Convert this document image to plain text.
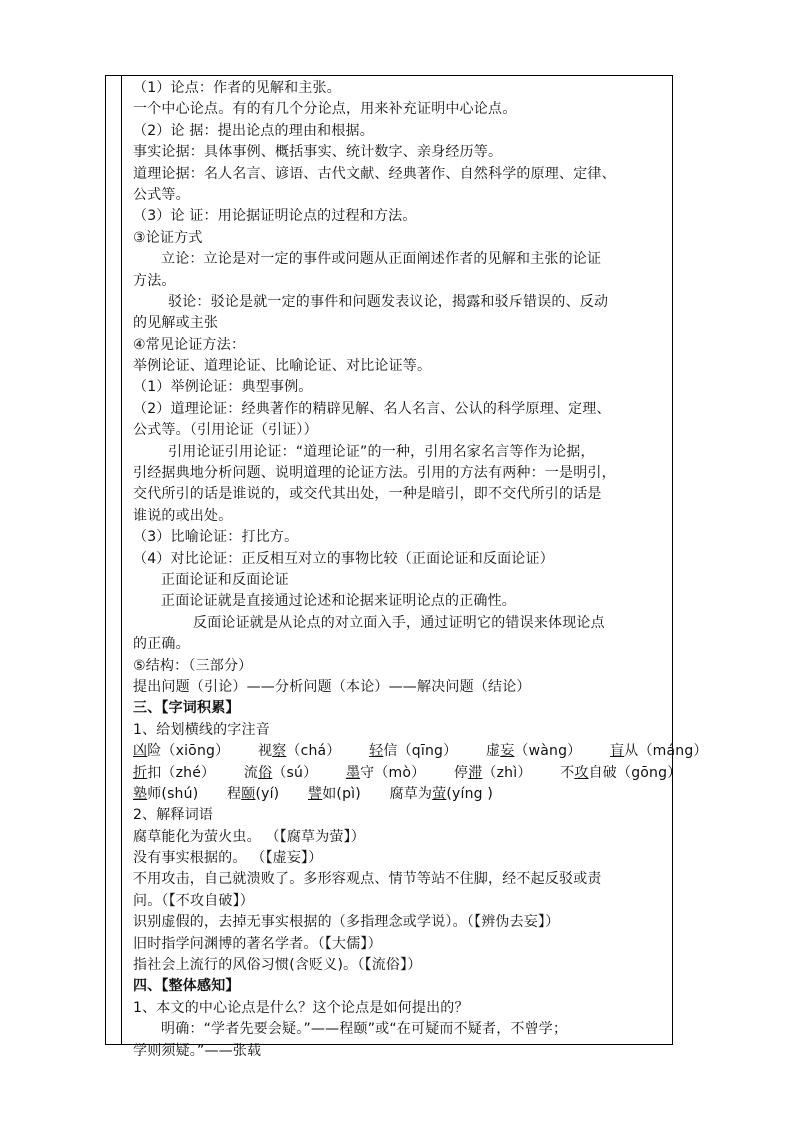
（1）论点：作者的见解和主张。
一个中心论点。有的有几个分论点，用来补充证明中心论点。
（2）论 据：提出论点的理由和根据。
事实论据：具体事例、概括事实、统计数字、亲身经历等。
道理论据：名人名言、谚语、古代文献、经典著作、自然科学的原理、定律、
公式等。
（3）论 证：用论据证明论点的过程和方法。
③论证方式
立论：立论是对一定的事件或问题从正面阐述作者的见解和主张的论证
方法。
驳论：驳论是就一定的事件和问题发表议论，揭露和驳斥错误的、反动
的见解或主张
④常见论证方法：
举例论证、道理论证、比喻论证、对比论证等。
（1）举例论证：典型事例。
（2）道理论证：经典著作的精辟见解、名人名言、公认的科学原理、定理、
公式等。（引用论证（引证））
引用论证引用论证：“道理论证”的一种，引用名家名言等作为论据，
引经据典地分析问题、说明道理的论证方法。引用的方法有两种：一是明引，
交代所引的话是谁说的，或交代其出处，一种是暗引，即不交代所引的话是
谁说的或出处。
（3）比喻论证：打比方。
（4）对比论证：正反相互对立的事物比较（正面论证和反面论证）
正面论证和反面论证
正面论证就是直接通过论述和论据来证明论点的正确性。
反面论证就是从论点的对立面入手，通过证明它的错误来体现论点
的正确。
⑤结构：（三部分）
提出问题（引论）——分析问题（本论）——解决问题（结论）
三、【字词积累】
1、给划横线的字注音
凶险（xiōng） 视察（chá） 轻信（qīng） 虚妄（wàng） 盲从（máng）
折扣（zhé） 流俗（sú） 墨守（mò） 停滞（zhì） 不攻自破（gōng）
塾师(shú) 程颐(yí) 譬如(pì) 腐草为萤(yíng )
2、解释词语
腐草能化为萤火虫。 （【腐草为萤】）
没有事实根据的。 （【虚妄】）
不用攻击，自己就溃败了。多形容观点、情节等站不住脚，经不起反驳或责
问。（【不攻自破】）
识别虚假的，去掉无事实根据的（多指理念或学说）。（【辨伪去妄】）
旧时指学问渊博的著名学者。（【大儒】）
指社会上流行的风俗习惯(含贬义)。（【流俗】）
四、【整体感知】
1、本文的中心论点是什么？这个论点是如何提出的？
明确：“学者先要会疑。”——程颐”或“在可疑而不疑者，不曾学；
学则须疑。”——张载
